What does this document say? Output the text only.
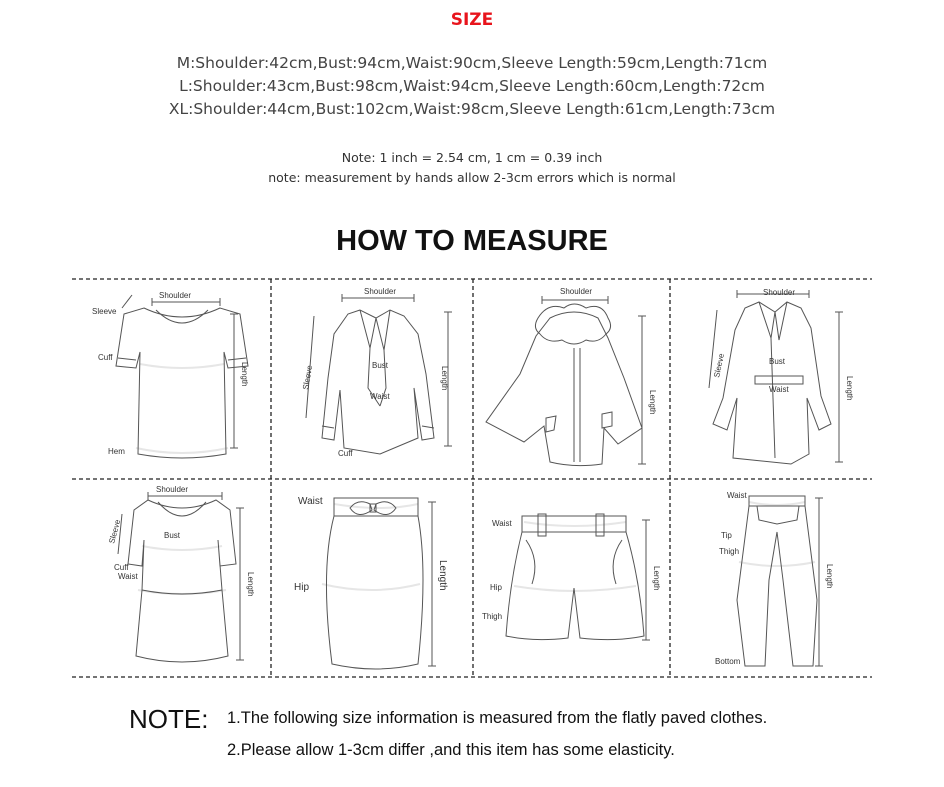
SIZE
M:Shoulder:42cm,Bust:94cm,Waist:90cm,Sleeve Length:59cm,Length:71cm
L:Shoulder:43cm,Bust:98cm,Waist:94cm,Sleeve Length:60cm,Length:72cm
XL:Shoulder:44cm,Bust:102cm,Waist:98cm,Sleeve Length:61cm,Length:73cm
Note: 1 inch = 2.54 cm, 1 cm = 0.39 inch
note: measurement by hands allow 2-3cm errors which is normal
HOW TO MEASURE
Shoulder
Sleeve
Cuff
Hem
Length
Shoulder
Bust
Waist
Cuff
Sleeve	Length
Shoulder
Length
Shoulder
Bust
Waist
Sleeve
Length
Shoulder
Bust
Cuff
Waist
Sleeve
Length
Waist
Hip	Length
Waist
Hip
Thigh
Length
Waist
Tip
Thigh
Bottom
Length
NOTE: 1.The following size information is measured from the flatly paved clothes.
2.Please allow 1-3cm differ ,and this item has some elasticity.
